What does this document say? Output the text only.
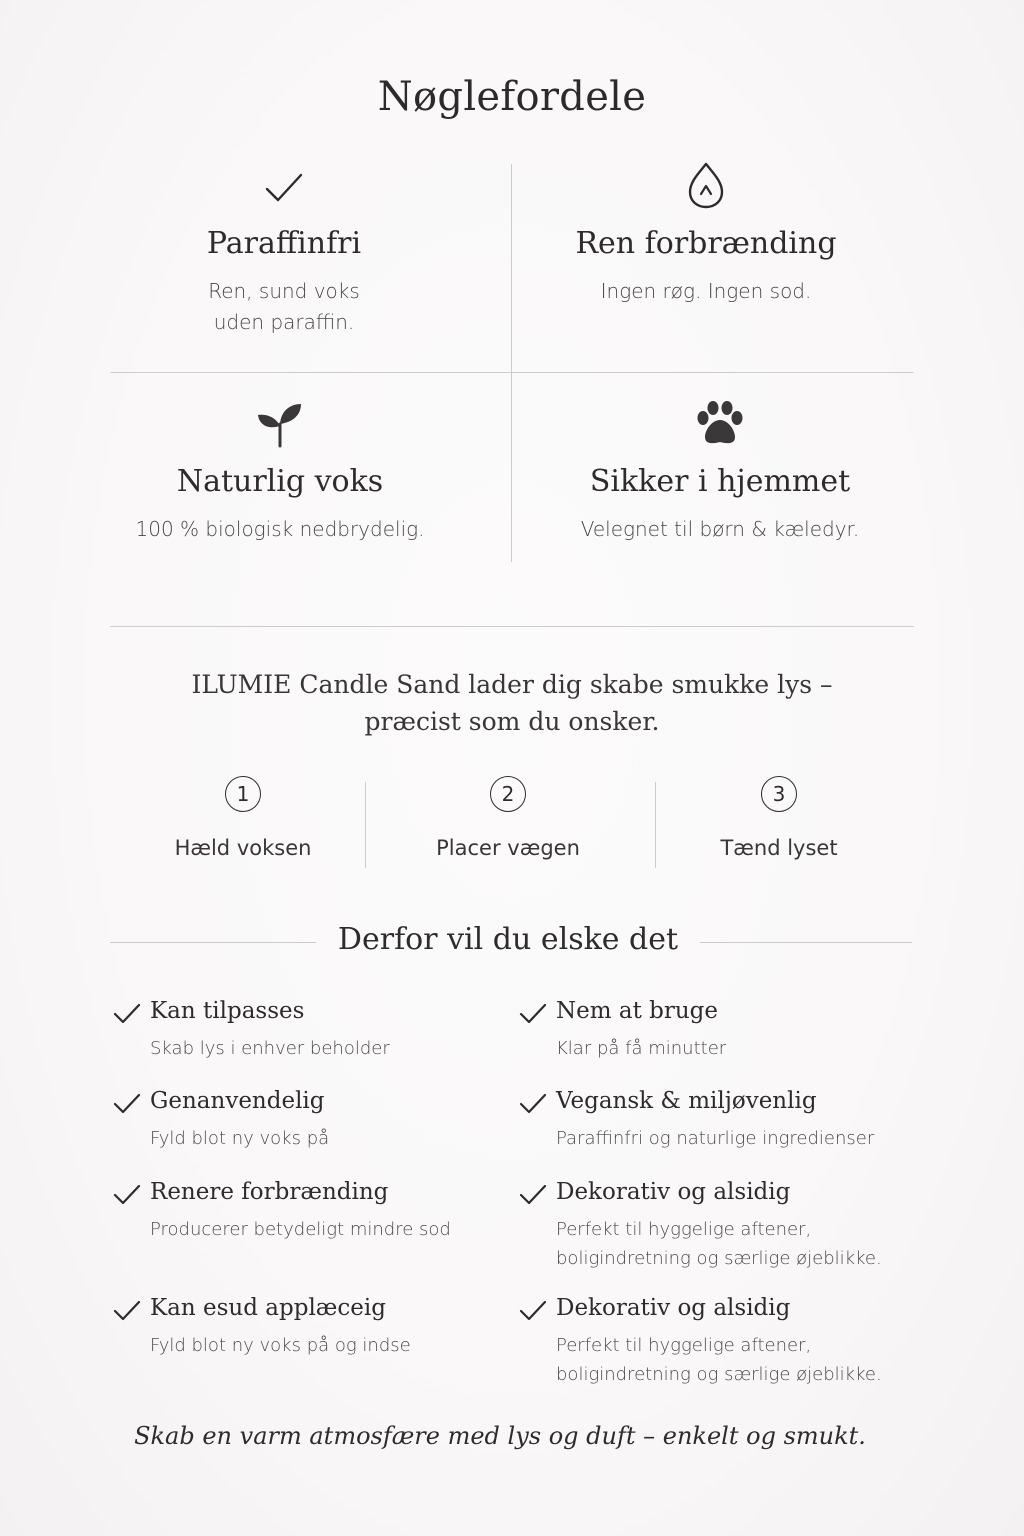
Nøglefordele
Paraffinfri

Ren, sund voks
uden paraffin.

Ren forbrænding

Ingen røg. Ingen sod.

Naturlig voks

100 % biologisk nedbrydelig.

Sikker i hjemmet

Velegnet til børn & kæledyr.

ILUMIE Candle Sand lader dig skabe smukke lys –
præcist som du onsker.
1
Hæld voksen
2
Placer vægen
3
Tænd lyset
Derfor vil du elske det
Kan tilpasses

Skab lys i enhver beholder

Genanvendelig

Fyld blot ny voks på

Renere forbrænding

Producerer betydeligt mindre sod

Kan esud applæceig

Fyld blot ny voks på og indse

Nem at bruge

Klar på få minutter

Vegansk & miljøvenlig

Paraffinfri og naturlige ingredienser

Dekorativ og alsidig

Perfekt til hyggelige aftener,
boligindretning og særlige øjeblikke.

Dekorativ og alsidig

Perfekt til hyggelige aftener,
boligindretning og særlige øjeblikke.

Skab en varm atmosfære med lys og duft – enkelt og smukt.
